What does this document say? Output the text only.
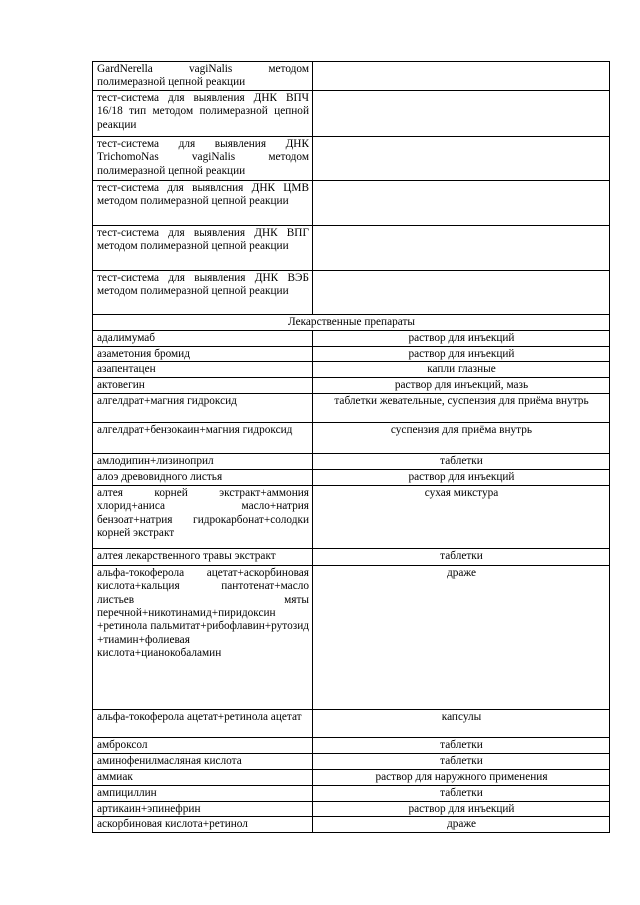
GardNerella vagiNalis методом полимеразной цепной реакции	
тест-система для выявления ДНК ВПЧ 16/18 тип методом полимеразной цепной реакции	
тест-система для выявления ДНК TrichomoNas vagiNalis методом полимеразной цепной реакции	
тест-система для выявлсния ДНК ЦМВ методом полимеразной цепной реакции	
тест-система для выявления ДНК ВПГ методом полимеразной цепной реакции	
тест-система для выявления ДНК ВЭБ методом полимеразной цепной реакции	
Лекарственные препараты	
адалимумаб	раствор для инъекций
азаметония бромид	раствор для инъекций
азапентацен	капли глазные
актовегин	раствор для инъекций, мазь
алгелдрат+магния гидроксид	таблетки жевательные, суспензия для приёма внутрь
алгелдрат+бензокаин+магния гидроксид	суспензия для приёма внутрь
амлодипин+лизиноприл	таблетки
алоэ древовидного листья	раствор для инъекций
алтея корней экстракт+аммония хлорид+аниса масло+натрия бензоат+натрия гидрокарбонат+солодки корней экстракт	сухая микстура
алтея лекарственного травы экстракт	таблетки
альфа-токоферола ацетат+аскорбиновая кислота+кальция пантотенат+масло листьев мяты перечной+никотинамид+пиридоксин +ретинола пальмитат+рибофлавин+рутозид +тиамин+фолиевая кислота+цианокобаламин	драже
альфа-токоферола ацетат+ретинола ацетат	капсулы
амброксол	таблетки
аминофенилмасляная кислота	таблетки
аммиак	раствор для наружного применения
ампициллин	таблетки
артикаин+эпинефрин	раствор для инъекций
аскорбиновая кислота+ретинол	драже
